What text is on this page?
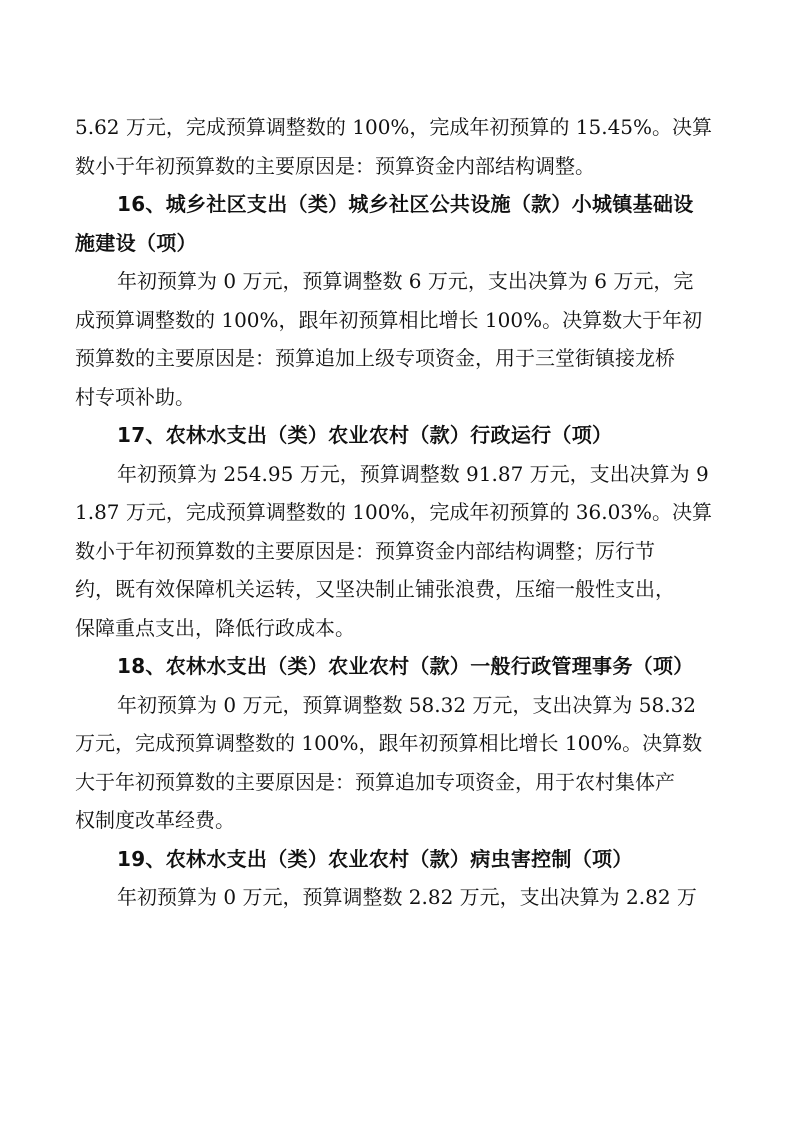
5.62 万元，完成预算调整数的 100%，完成年初预算的 15.45%。决算
数小于年初预算数的主要原因是：预算资金内部结构调整。
16、城乡社区支出（类）城乡社区公共设施（款）小城镇基础设
施建设（项）
年初预算为 0 万元，预算调整数 6 万元，支出决算为 6 万元，完
成预算调整数的 100%，跟年初预算相比增长 100%。决算数大于年初
预算数的主要原因是：预算追加上级专项资金，用于三堂街镇接龙桥
村专项补助。
17、农林水支出（类）农业农村（款）行政运行（项）
年初预算为 254.95 万元，预算调整数 91.87 万元，支出决算为 9
1.87 万元，完成预算调整数的 100%，完成年初预算的 36.03%。决算
数小于年初预算数的主要原因是：预算资金内部结构调整；厉行节
约，既有效保障机关运转，又坚决制止铺张浪费，压缩一般性支出，
保障重点支出，降低行政成本。
18、农林水支出（类）农业农村（款）一般行政管理事务（项）
年初预算为 0 万元，预算调整数 58.32 万元，支出决算为 58.32
万元，完成预算调整数的 100%，跟年初预算相比增长 100%。决算数
大于年初预算数的主要原因是：预算追加专项资金，用于农村集体产
权制度改革经费。
19、农林水支出（类）农业农村（款）病虫害控制（项）
年初预算为 0 万元，预算调整数 2.82 万元，支出决算为 2.82 万
